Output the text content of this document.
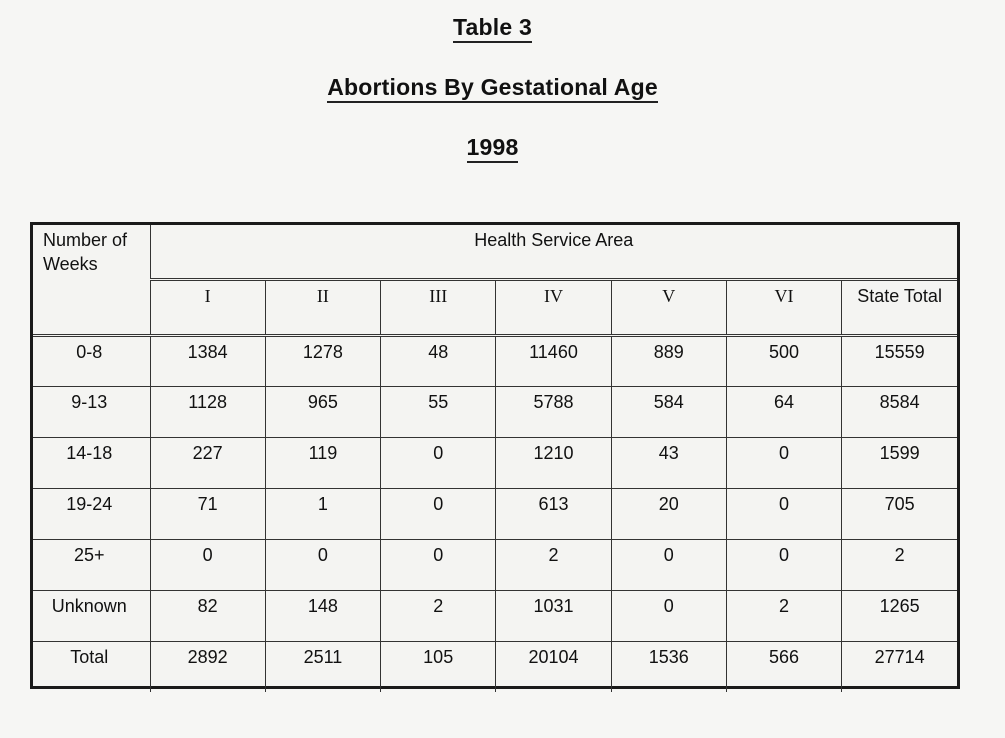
Table 3
Abortions By Gestational Age
1998
Number of Weeks	Health Service Area						
	I	II	III	IV	V	VI	State Total
0-8	1384	1278	48	11460	889	500	15559
9-13	1128	965	55	5788	584	64	8584
14-18	227	119	0	1210	43	0	1599
19-24	71	1	0	613	20	0	705
25+	0	0	0	2	0	0	2
Unknown	82	148	2	1031	0	2	1265
Total	2892	2511	105	20104	1536	566	27714
